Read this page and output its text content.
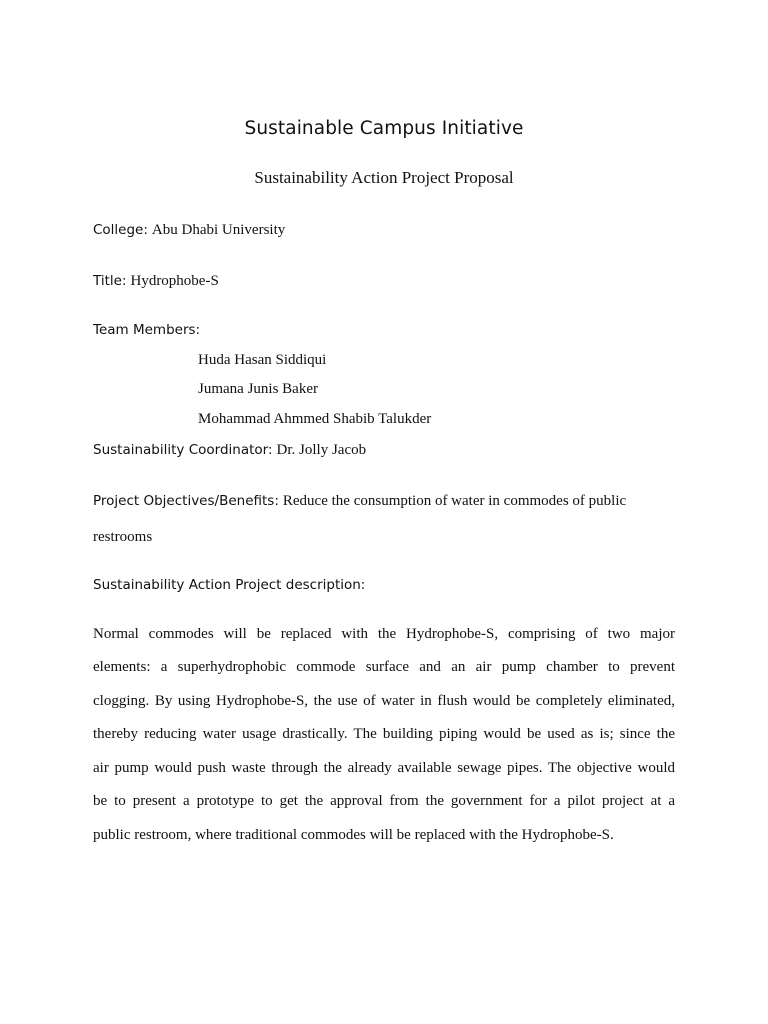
Sustainable Campus Initiative
Sustainability Action Project Proposal
College: Abu Dhabi University
Title: Hydrophobe-S
Team Members:
Huda Hasan Siddiqui
Jumana Junis Baker
Mohammad Ahmmed Shabib Talukder
Sustainability Coordinator: Dr. Jolly Jacob
Project Objectives/Benefits: Reduce the consumption of water in commodes of public
restrooms
Sustainability Action Project description:
Normal commodes will be replaced with the Hydrophobe-S, comprising of two major
elements: a superhydrophobic commode surface and an air pump chamber to prevent
clogging. By using Hydrophobe-S, the use of water in flush would be completely eliminated,
thereby reducing water usage drastically. The building piping would be used as is; since the
air pump would push waste through the already available sewage pipes. The objective would
be to present a prototype to get the approval from the government for a pilot project at a
public restroom, where traditional commodes will be replaced with the Hydrophobe-S.
